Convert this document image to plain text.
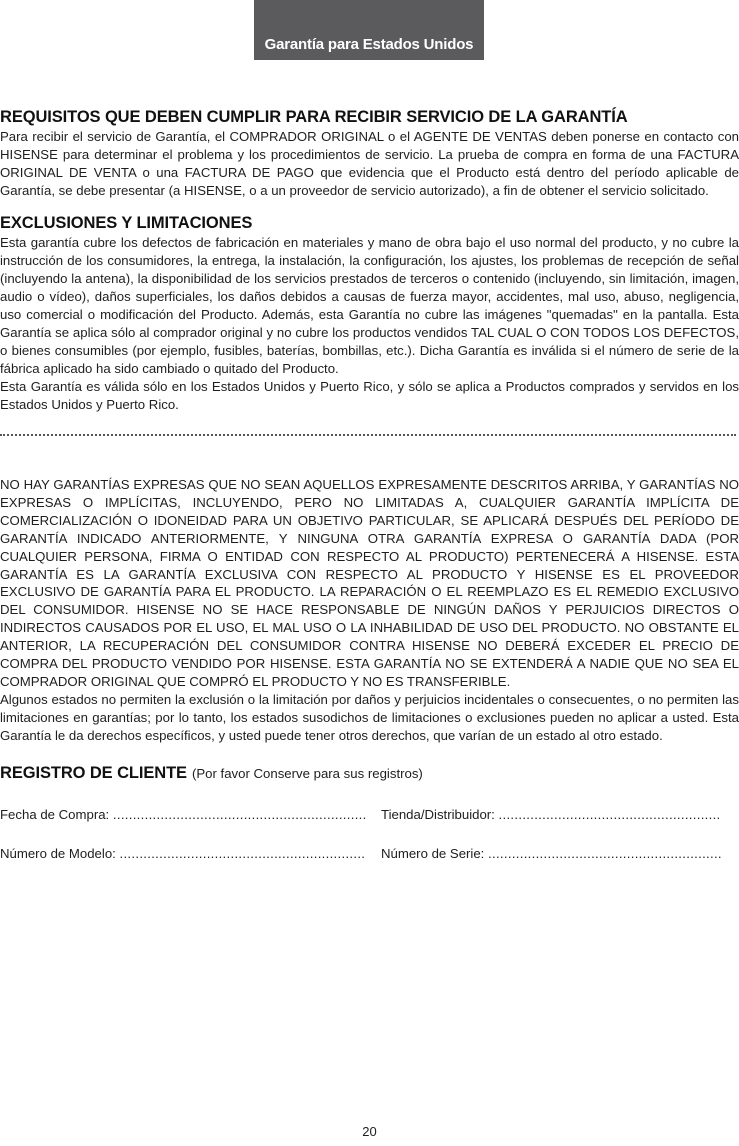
Garantía para Estados Unidos
REQUISITOS QUE DEBEN CUMPLIR PARA RECIBIR SERVICIO DE LA GARANTÍA

Para recibir el servicio de Garantía, el COMPRADOR ORIGINAL o el AGENTE DE VENTAS deben ponerse en contacto con HISENSE para determinar el problema y los procedimientos de servicio. La prueba de compra en forma de una FACTURA ORIGINAL DE VENTA o una FACTURA DE PAGO que evidencia que el Producto está dentro del período aplicable de Garantía, se debe presentar (a HISENSE, o a un proveedor de servicio autorizado), a fin de obtener el servicio solicitado.

EXCLUSIONES Y LIMITACIONES

Esta garantía cubre los defectos de fabricación en materiales y mano de obra bajo el uso normal del producto, y no cubre la instrucción de los consumidores, la entrega, la instalación, la configuración, los ajustes, los problemas de recepción de señal (incluyendo la antena), la disponibilidad de los servicios prestados de terceros o contenido (incluyendo, sin limitación, imagen, audio o vídeo), daños superficiales, los daños debidos a causas de fuerza mayor, accidentes, mal uso, abuso, negligencia, uso comercial o modificación del Producto. Además, esta Garantía no cubre las imágenes "quemadas" en la pantalla. Esta Garantía se aplica sólo al comprador original y no cubre los productos vendidos TAL CUAL O CON TODOS LOS DEFECTOS, o bienes consumibles (por ejemplo, fusibles, baterías, bombillas, etc.). Dicha Garantía es inválida si el número de serie de la fábrica aplicado ha sido cambiado o quitado del Producto.

Esta Garantía es válida sólo en los Estados Unidos y Puerto Rico, y sólo se aplica a Productos comprados y servidos en los Estados Unidos y Puerto Rico.

NO HAY GARANTÍAS EXPRESAS QUE NO SEAN AQUELLOS EXPRESAMENTE DESCRITOS ARRIBA, Y GARANTÍAS NO EXPRESAS O IMPLÍCITAS, INCLUYENDO, PERO NO LIMITADAS A, CUALQUIER GARANTÍA IMPLÍCITA DE COMERCIALIZACIÓN O IDONEIDAD PARA UN OBJETIVO PARTICULAR, SE APLICARÁ DESPUÉS DEL PERÍODO DE GARANTÍA INDICADO ANTERIORMENTE, Y NINGUNA OTRA GARANTÍA EXPRESA O GARANTÍA DADA (POR CUALQUIER PERSONA, FIRMA O ENTIDAD CON RESPECTO AL PRODUCTO) PERTENECERÁ A HISENSE. ESTA GARANTÍA ES LA GARANTÍA EXCLUSIVA CON RESPECTO AL PRODUCTO Y HISENSE ES EL PROVEEDOR EXCLUSIVO DE GARANTÍA PARA EL PRODUCTO. LA REPARACIÓN O EL REEMPLAZO ES EL REMEDIO EXCLUSIVO DEL CONSUMIDOR. HISENSE NO SE HACE RESPONSABLE DE NINGÚN DAÑOS Y PERJUICIOS DIRECTOS O INDIRECTOS CAUSADOS POR EL USO, EL MAL USO O LA INHABILIDAD DE USO DEL PRODUCTO. NO OBSTANTE EL ANTERIOR, LA RECUPERACIÓN DEL CONSUMIDOR CONTRA HISENSE NO DEBERÁ EXCEDER EL PRECIO DE COMPRA DEL PRODUCTO VENDIDO POR HISENSE. ESTA GARANTÍA NO SE EXTENDERÁ A NADIE QUE NO SEA EL COMPRADOR ORIGINAL QUE COMPRÓ EL PRODUCTO Y NO ES TRANSFERIBLE.

Algunos estados no permiten la exclusión o la limitación por daños y perjuicios incidentales o consecuentes, o no permiten las limitaciones en garantías; por lo tanto, los estados susodichos de limitaciones o exclusiones pueden no aplicar a usted. Esta Garantía le da derechos específicos, y usted puede tener otros derechos, que varían de un estado al otro estado.

REGISTRO DE CLIENTE (Por favor Conserve para sus registros)
Fecha de Compra: ................................................................	Tienda/Distribuidor: ........................................................
Número de Modelo: ..............................................................	Número de Serie: ...........................................................
20
